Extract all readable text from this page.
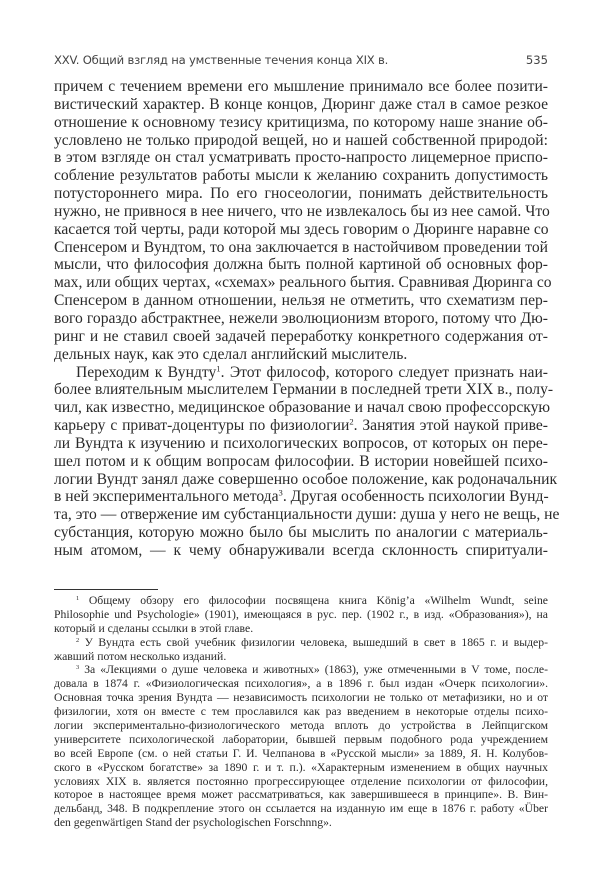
XXV. Общий взгляд на умственные течения конца XIX в.	535
причем с течением времени его мышление принимало все более позити-
вистический характер. В конце концов, Дюринг даже стал в самое резкое
отношение к основному тезису критицизма, по которому наше знание об-
условлено не только природой вещей, но и нашей собственной природой:
в этом взгляде он стал усматривать просто-напросто лицемерное приспо-
собление результатов работы мысли к желанию сохранить допустимость
потустороннего мира. По его гносеологии, понимать действительность
нужно, не привнося в нее ничего, что не извлекалось бы из нее самой. Что
касается той черты, ради которой мы здесь говорим о Дюринге наравне со
Спенсером и Вундтом, то она заключается в настойчивом проведении той
мысли, что философия должна быть полной картиной об основных фор-
мах, или общих чертах, «схемах» реального бытия. Сравнивая Дюринга со
Спенсером в данном отношении, нельзя не отметить, что схематизм пер-
вого гораздо абстрактнее, нежели эволюционизм второго, потому что Дю-
ринг и не ставил своей задачей переработку конкретного содержания от-
дельных наук, как это сделал английский мыслитель.
Переходим к Вундту$^1$. Этот философ, которого следует признать наи-
более влиятельным мыслителем Германии в последней трети XIX в., полу-
чил, как известно, медицинское образование и начал свою профессорскую
карьеру с приват-доцентуры по физиологии$^2$. Занятия этой наукой приве-
ли Вундта к изучению и психологических вопросов, от которых он пере-
шел потом и к общим вопросам философии. В истории новейшей психо-
логии Вундт занял даже совершенно особое положение, как родоначальник
в ней экспериментального метода$^3$. Другая особенность психологии Вунд-
та, это — отвержение им субстанциальности души: душа у него не вещь, не
субстанция, которую можно было бы мыслить по аналогии с материаль-
ным атомом, — к чему обнаруживали всегда склонность спиритуали-
$^1$ Общему обзору его философии посвящена книга König’a «Wilhelm Wundt, seine
Philosophie und Psychologie» (1901), имеющаяся в рус. пер. (1902 г., в изд. «Образования»), на
который и сделаны ссылки в этой главе.
$^2$ У Вундта есть свой учебник физилогии человека, вышедший в свет в 1865 г. и выдер-
жавший потом несколько изданий.
$^3$ За «Лекциями о душе человека и животных» (1863), уже отмеченными в V томе, после-
довала в 1874 г. «Физиологическая психология», а в 1896 г. был издан «Очерк психологии».
Основная точка зрения Вундта — независимость психологии не только от метафизики, но и от
физилогии, хотя он вместе с тем прославился как раз введением в некоторые отделы психо-
логии экспериментально-физиологического метода вплоть до устройства в Лейпцигском
университете психологической лаборатории, бывшей первым подобного рода учреждением
во всей Европе (см. о ней статьи Г. И. Челпанова в «Русской мысли» за 1889, Я. Н. Колубов-
ского в «Русском богатстве» за 1890 г. и т. п.). «Характерным изменением в общих научных
условиях XIX в. является постоянно прогрессирующее отделение психологии от философии,
которое в настоящее время может рассматриваться, как завершившееся в принципе». В. Вин-
дельбанд, 348. В подкрепление этого он ссылается на изданную им еще в 1876 г. работу «Über
den gegenwärtigen Stand der psychologischen Forschnng».
